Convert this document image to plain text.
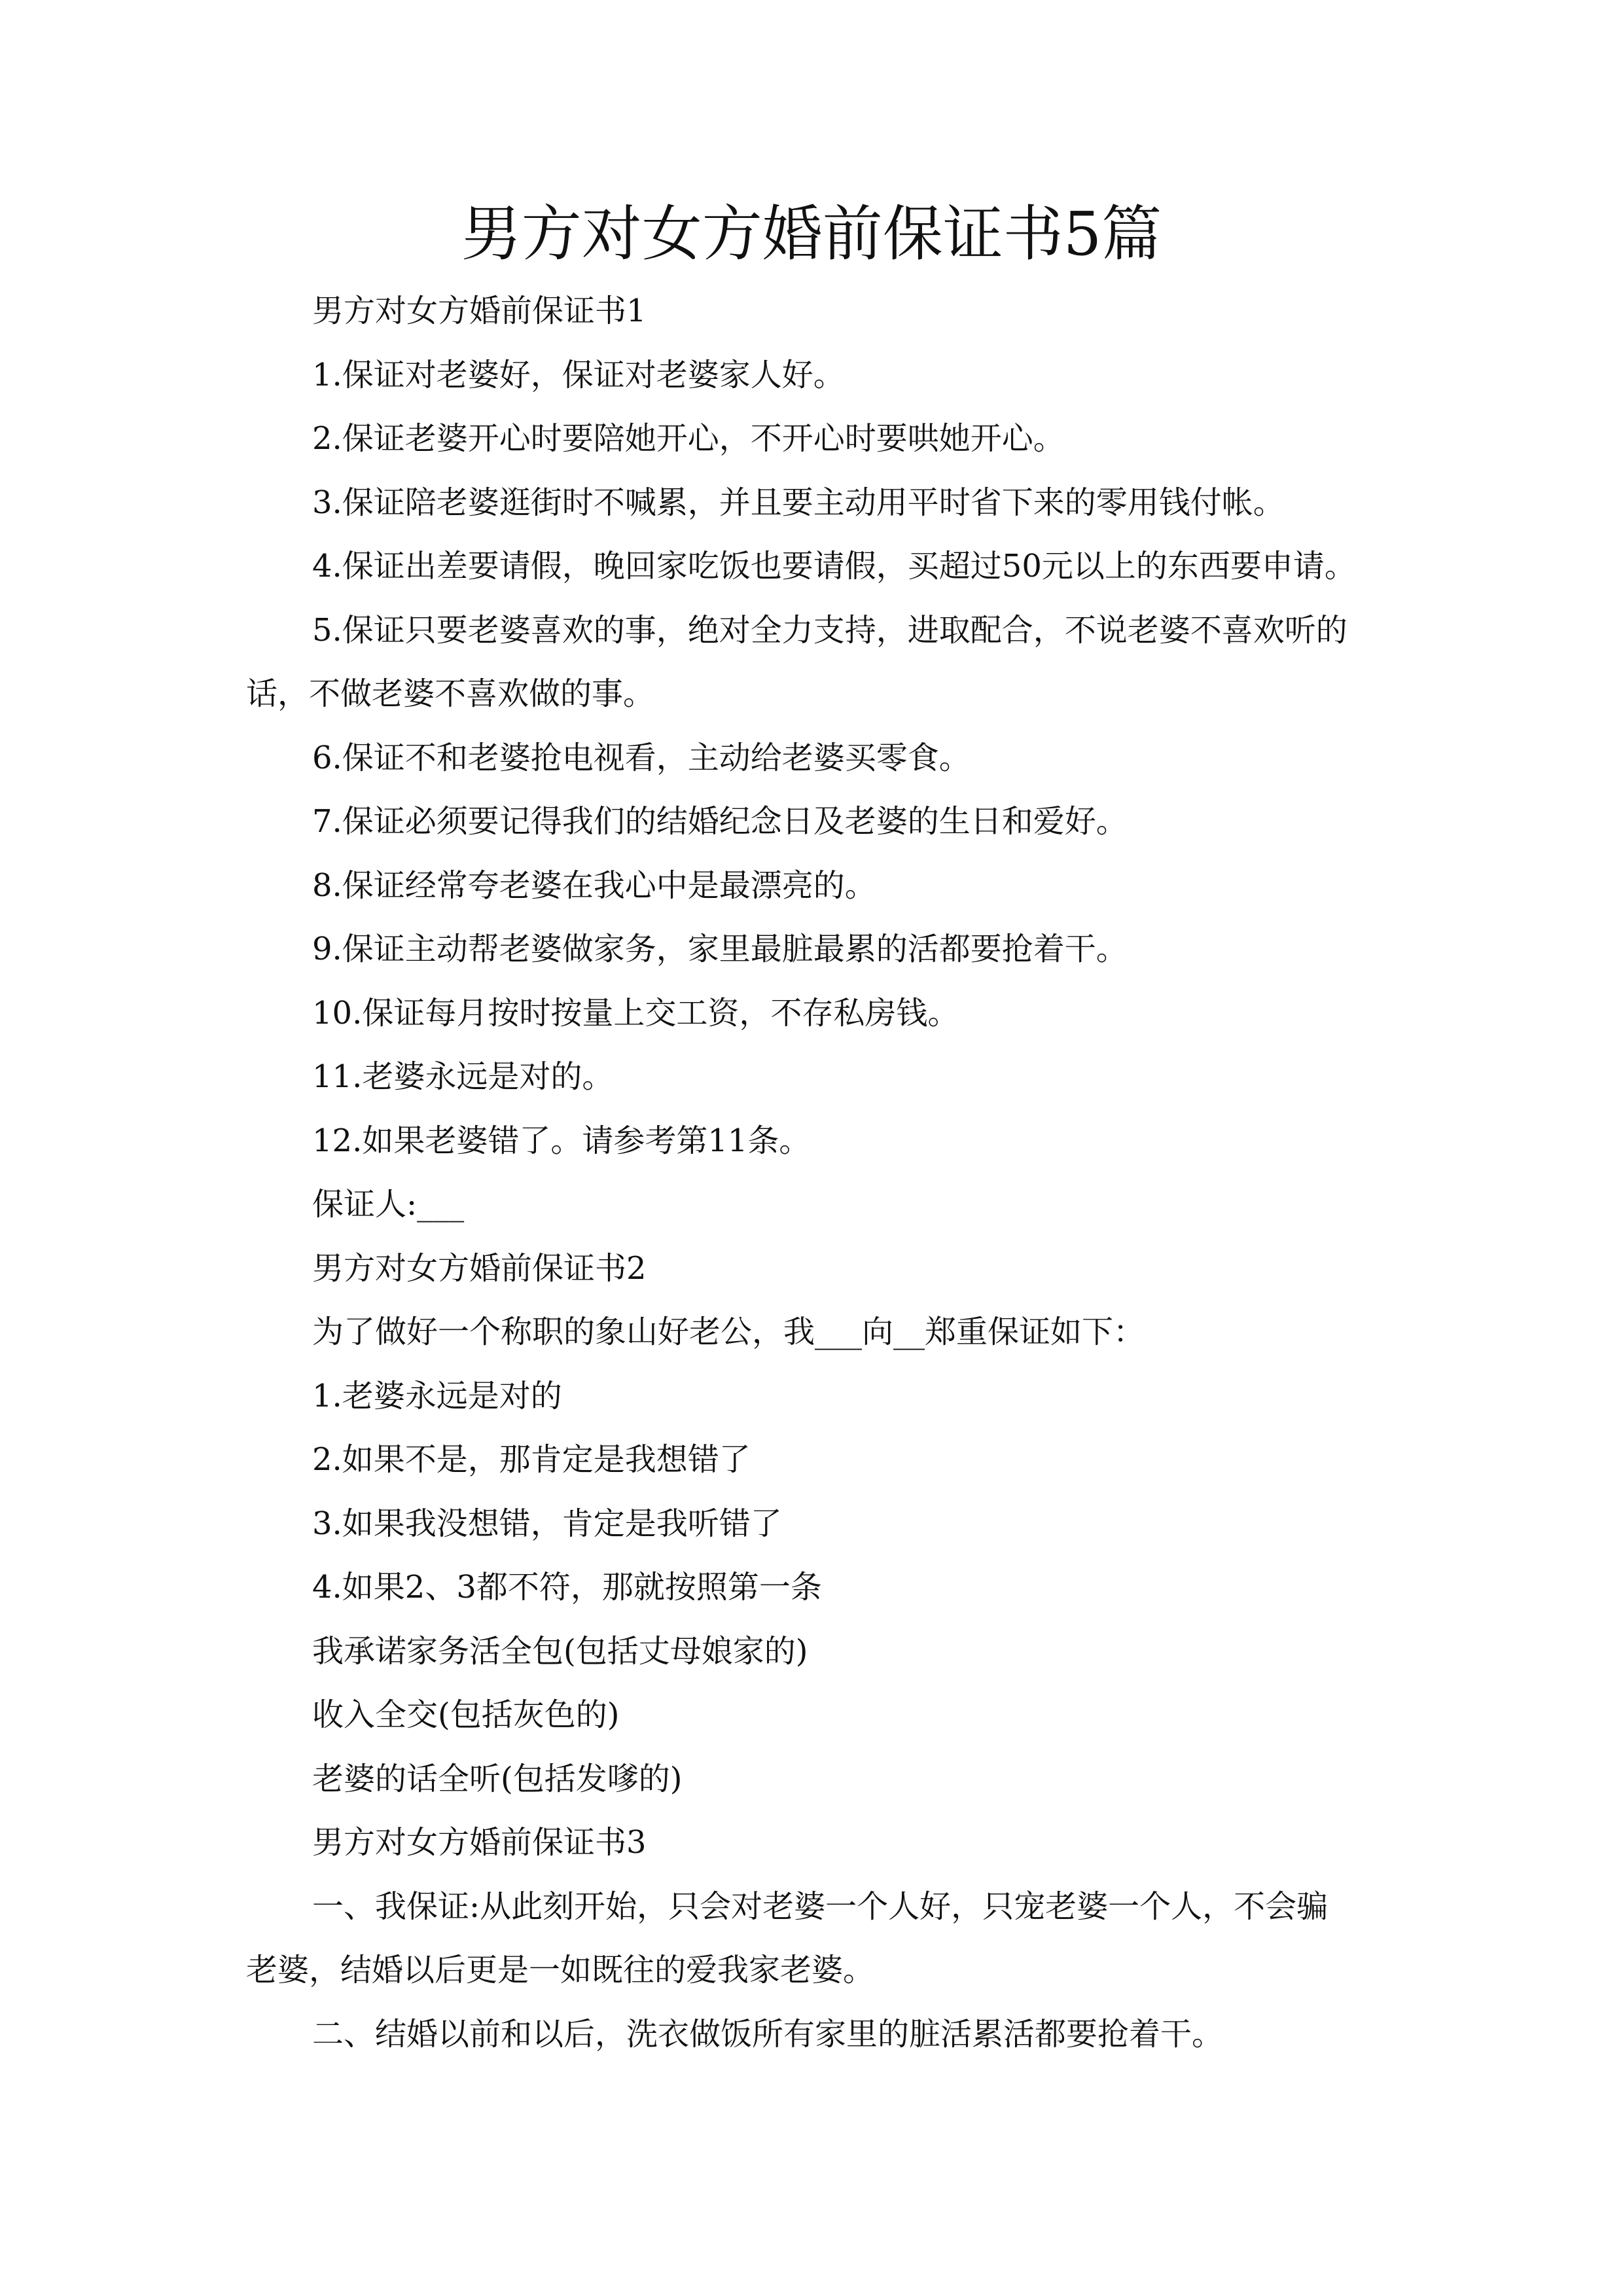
男方对女方婚前保证书5篇
男方对女方婚前保证书1
1.保证对老婆好，保证对老婆家人好。
2.保证老婆开心时要陪她开心，不开心时要哄她开心。
3.保证陪老婆逛街时不喊累，并且要主动用平时省下来的零用钱付帐。
4.保证出差要请假，晚回家吃饭也要请假，买超过50元以上的东西要申请。
5.保证只要老婆喜欢的事，绝对全力支持，进取配合，不说老婆不喜欢听的
话，不做老婆不喜欢做的事。
6.保证不和老婆抢电视看，主动给老婆买零食。
7.保证必须要记得我们的结婚纪念日及老婆的生日和爱好。
8.保证经常夸老婆在我心中是最漂亮的。
9.保证主动帮老婆做家务，家里最脏最累的活都要抢着干。
10.保证每月按时按量上交工资，不存私房钱。
11.老婆永远是对的。
12.如果老婆错了。请参考第11条。
保证人:___
男方对女方婚前保证书2
为了做好一个称职的象山好老公，我___向__郑重保证如下：
1.老婆永远是对的
2.如果不是，那肯定是我想错了
3.如果我没想错，肯定是我听错了
4.如果2、3都不符，那就按照第一条
我承诺家务活全包(包括丈母娘家的)
收入全交(包括灰色的)
老婆的话全听(包括发嗲的)
男方对女方婚前保证书3
一、我保证:从此刻开始，只会对老婆一个人好，只宠老婆一个人，不会骗
老婆，结婚以后更是一如既往的爱我家老婆。
二、结婚以前和以后，洗衣做饭所有家里的脏活累活都要抢着干。
